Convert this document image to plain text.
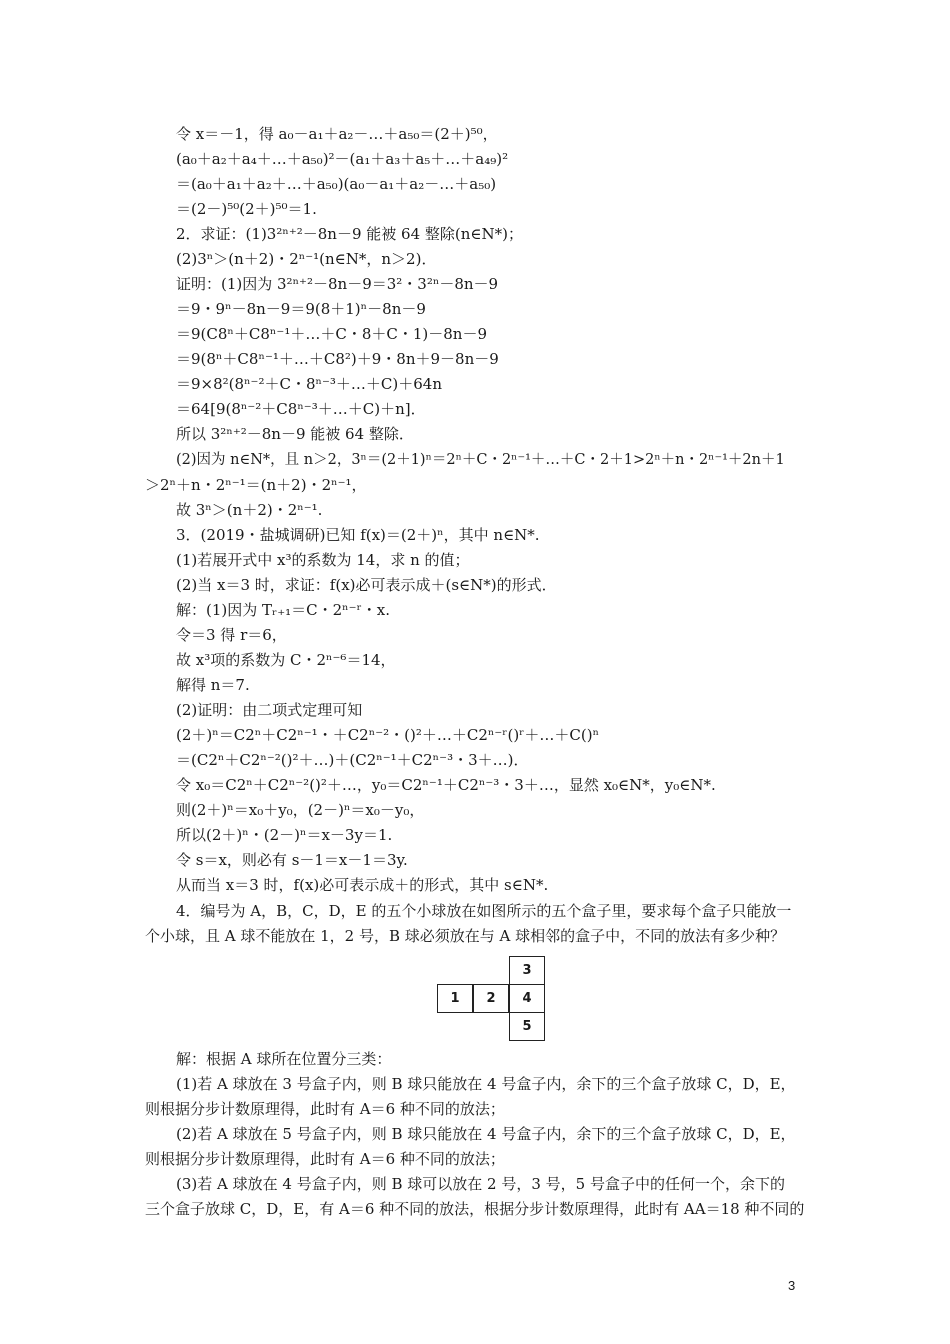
令 x＝－1，得 a₀－a₁＋a₂－…＋a₅₀＝(2＋)⁵⁰，
(a₀＋a₂＋a₄＋…＋a₅₀)²－(a₁＋a₃＋a₅＋…＋a₄₉)²
＝(a₀＋a₁＋a₂＋…＋a₅₀)(a₀－a₁＋a₂－…＋a₅₀)
＝(2－)⁵⁰(2＋)⁵⁰＝1.
2．求证：(1)3²ⁿ⁺²－8n－9 能被 64 整除(n∈N*)；
(2)3ⁿ＞(n＋2)・2ⁿ⁻¹(n∈N*，n＞2)．
证明：(1)因为 3²ⁿ⁺²－8n－9＝3²・3²ⁿ－8n－9
＝9・9ⁿ－8n－9＝9(8＋1)ⁿ－8n－9
＝9(C8ⁿ＋C8ⁿ⁻¹＋…＋C・8＋C・1)－8n－9
＝9(8ⁿ＋C8ⁿ⁻¹＋…＋C8²)＋9・8n＋9－8n－9
＝9×8²(8ⁿ⁻²＋C・8ⁿ⁻³＋…＋C)＋64n
＝64[9(8ⁿ⁻²＋C8ⁿ⁻³＋…＋C)＋n]．
所以 3²ⁿ⁺²－8n－9 能被 64 整除．
(2)因为 n∈N*，且 n＞2，3ⁿ＝(2＋1)ⁿ＝2ⁿ＋C・2ⁿ⁻¹＋…＋C・2＋1>2ⁿ＋n・2ⁿ⁻¹＋2n＋1
＞2ⁿ＋n・2ⁿ⁻¹＝(n＋2)・2ⁿ⁻¹，
故 3ⁿ＞(n＋2)・2ⁿ⁻¹.
3．(2019・盐城调研)已知 f(x)＝(2＋)ⁿ，其中 n∈N*.
(1)若展开式中 x³的系数为 14，求 n 的值；
(2)当 x＝3 时，求证：f(x)必可表示成＋(s∈N*)的形式．
解：(1)因为 Tᵣ₊₁＝C・2ⁿ⁻ʳ・x.
令＝3 得 r＝6，
故 x³项的系数为 C・2ⁿ⁻⁶＝14，
解得 n＝7.
(2)证明：由二项式定理可知
(2＋)ⁿ＝C2ⁿ＋C2ⁿ⁻¹・＋C2ⁿ⁻²・()²＋…＋C2ⁿ⁻ʳ()ʳ＋…＋C()ⁿ
＝(C2ⁿ＋C2ⁿ⁻²()²＋…)＋(C2ⁿ⁻¹＋C2ⁿ⁻³・3＋…)．
令 x₀＝C2ⁿ＋C2ⁿ⁻²()²＋…，y₀＝C2ⁿ⁻¹＋C2ⁿ⁻³・3＋…，显然 x₀∈N*，y₀∈N*.
则(2＋)ⁿ＝x₀＋y₀，(2－)ⁿ＝x₀－y₀，
所以(2＋)ⁿ・(2－)ⁿ＝x－3y＝1.
令 s＝x，则必有 s－1＝x－1＝3y.
从而当 x＝3 时，f(x)必可表示成＋的形式，其中 s∈N*.
4．编号为 A，B，C，D，E 的五个小球放在如图所示的五个盒子里，要求每个盒子只能放一
个小球，且 A 球不能放在 1，2 号，B 球必须放在与 A 球相邻的盒子中，不同的放法有多少种？
3
1	2	4
5
解：根据 A 球所在位置分三类：
(1)若 A 球放在 3 号盒子内，则 B 球只能放在 4 号盒子内，余下的三个盒子放球 C，D，E，
则根据分步计数原理得，此时有 A＝6 种不同的放法；
(2)若 A 球放在 5 号盒子内，则 B 球只能放在 4 号盒子内，余下的三个盒子放球 C，D，E，
则根据分步计数原理得，此时有 A＝6 种不同的放法；
(3)若 A 球放在 4 号盒子内，则 B 球可以放在 2 号，3 号，5 号盒子中的任何一个，余下的
三个盒子放球 C，D，E，有 A＝6 种不同的放法，根据分步计数原理得，此时有 AA＝18 种不同的
3
